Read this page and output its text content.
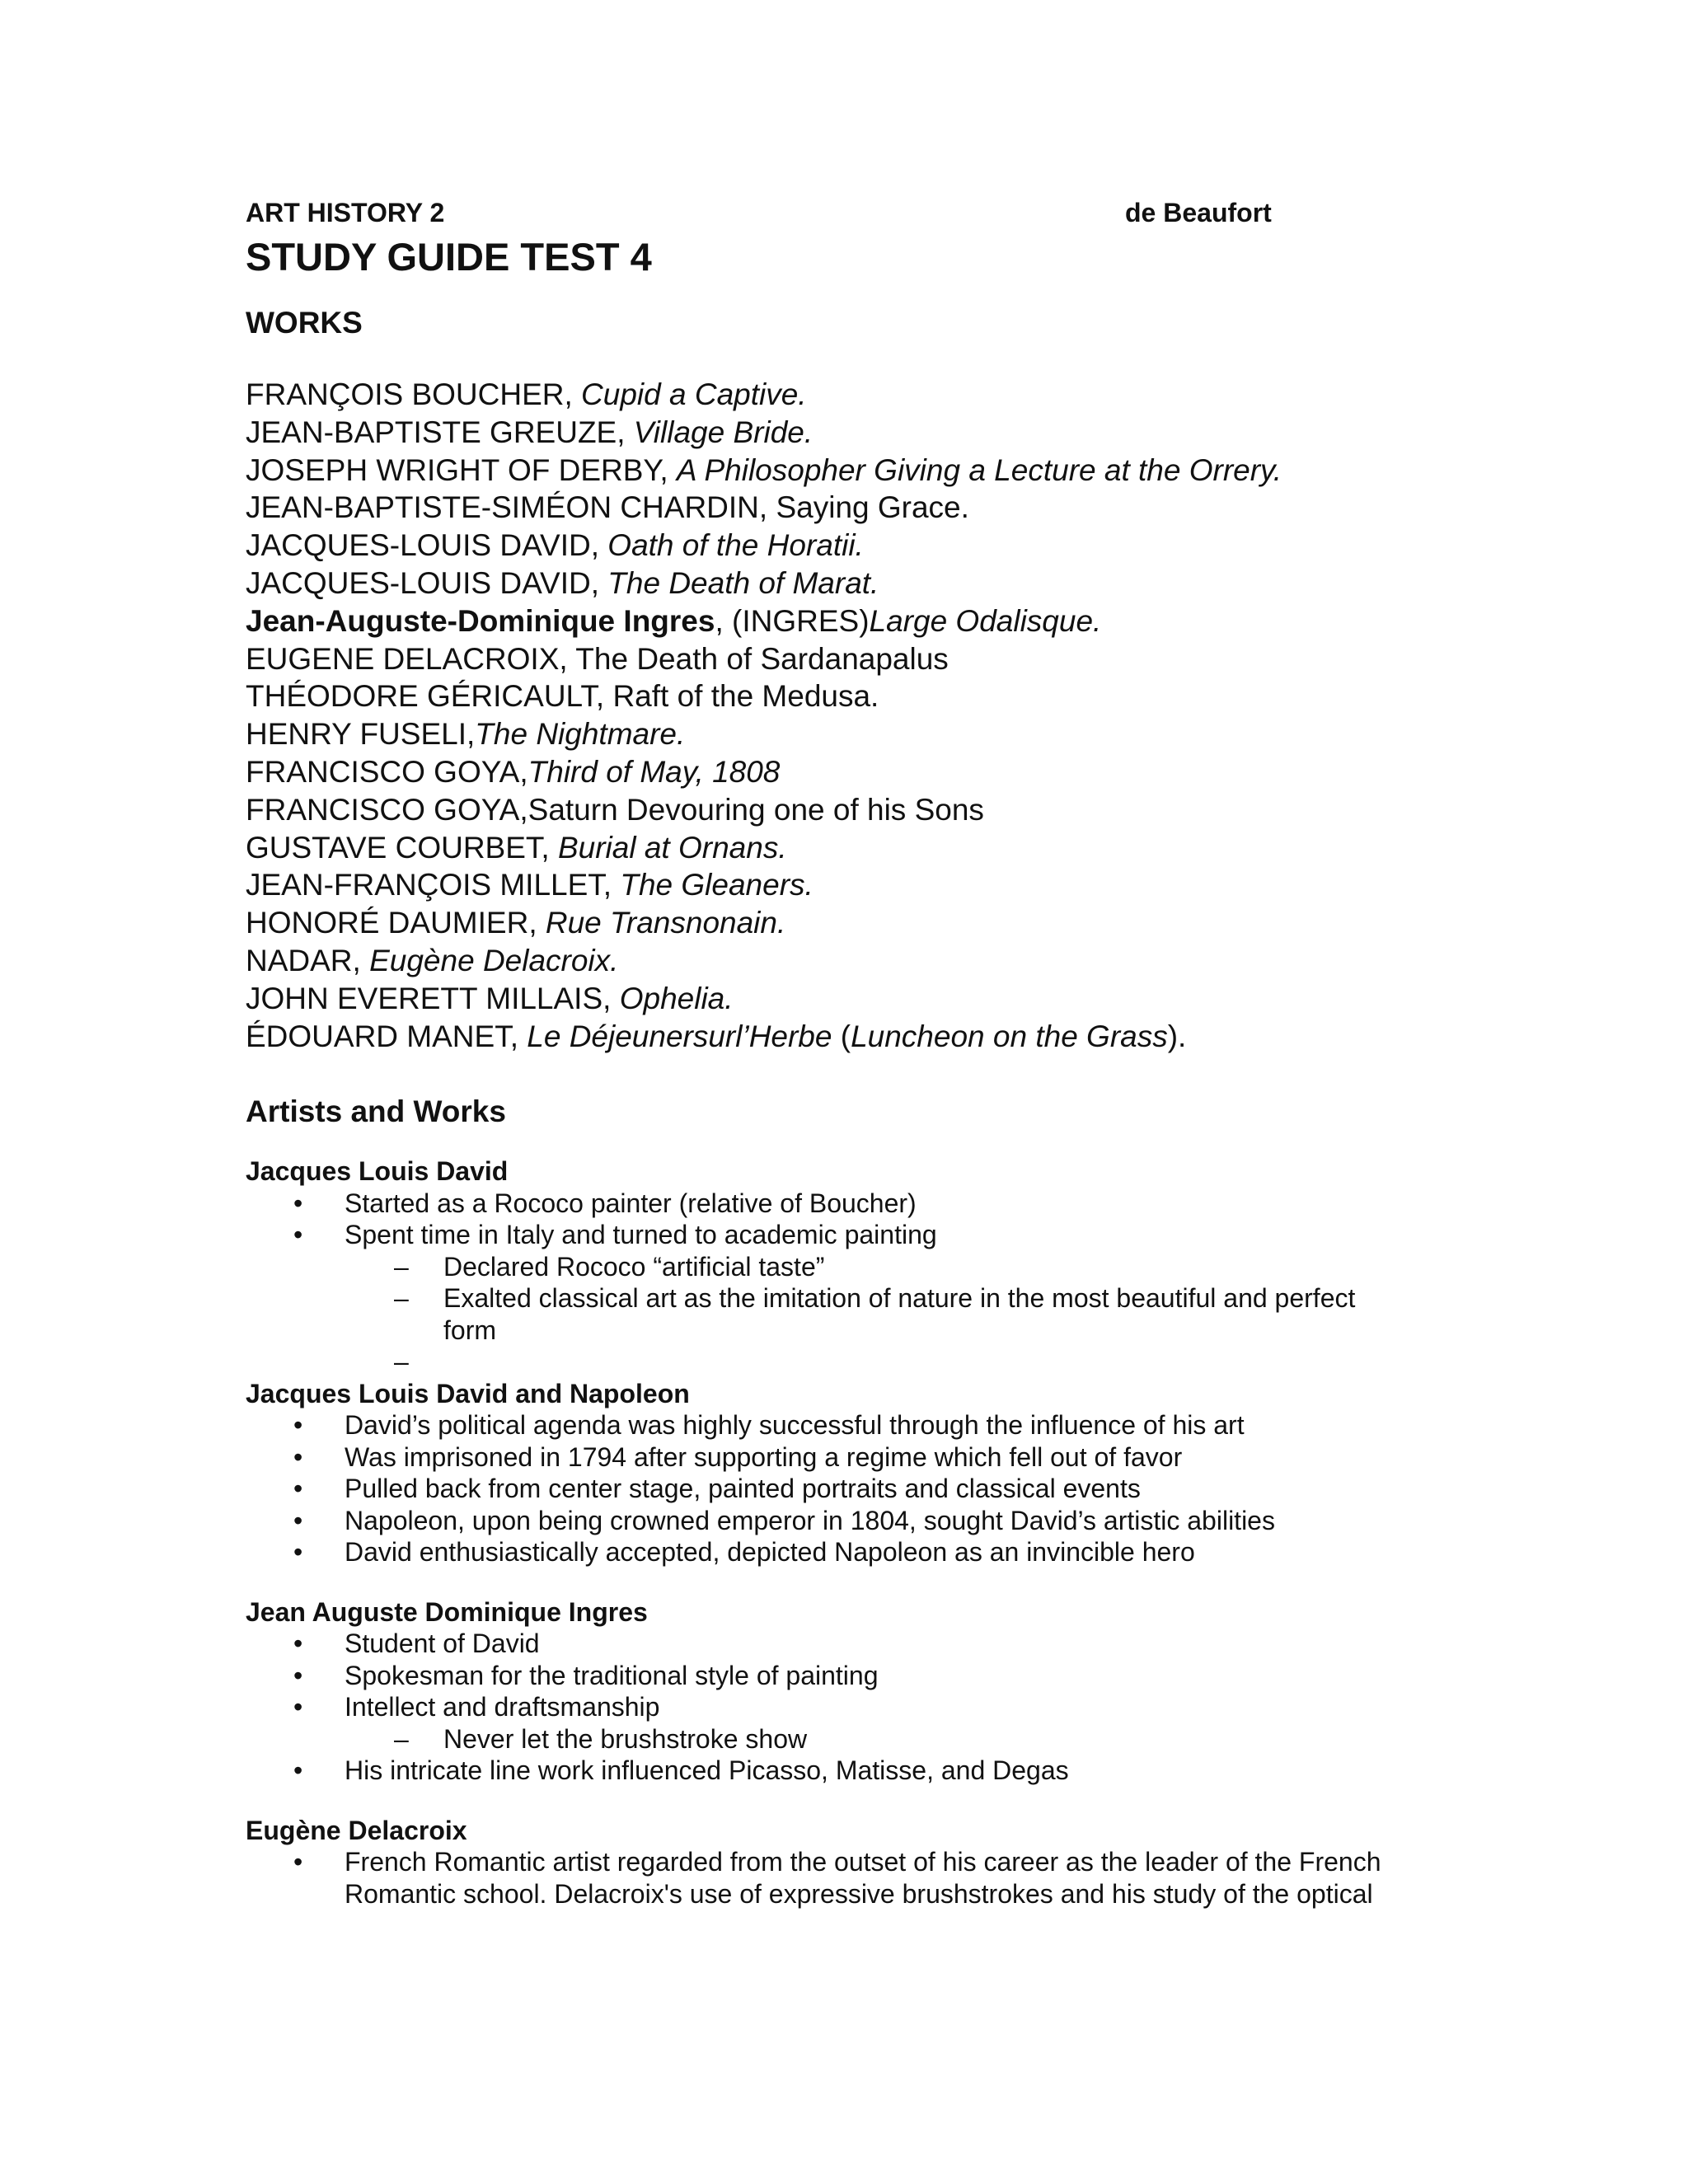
ART HISTORY 2	de Beaufort
STUDY GUIDE TEST 4
WORKS
FRANÇOIS BOUCHER, Cupid a Captive.
JEAN-BAPTISTE GREUZE, Village Bride.
JOSEPH WRIGHT OF DERBY, A Philosopher Giving a Lecture at the Orrery.
JEAN-BAPTISTE-SIMÉON CHARDIN, Saying Grace.
JACQUES-LOUIS DAVID, Oath of the Horatii.
JACQUES-LOUIS DAVID, The Death of Marat.
Jean-Auguste-Dominique Ingres, (INGRES)Large Odalisque.
EUGENE DELACROIX, The Death of Sardanapalus
THÉODORE GÉRICAULT, Raft of the Medusa.
HENRY FUSELI,The Nightmare.
FRANCISCO GOYA,Third of May, 1808
FRANCISCO GOYA,Saturn Devouring one of his Sons
GUSTAVE COURBET, Burial at Ornans.
JEAN-FRANÇOIS MILLET, The Gleaners.
HONORÉ DAUMIER, Rue Transnonain.
NADAR, Eugène Delacroix.
JOHN EVERETT MILLAIS, Ophelia.
ÉDOUARD MANET, Le Déjeunersurl’Herbe (Luncheon on the Grass).
Artists and Works
Jacques Louis David
• Started as a Rococo painter (relative of Boucher)
• Spent time in Italy and turned to academic painting
– Declared Rococo “artificial taste”
– Exalted classical art as the imitation of nature in the most beautiful and perfect form
–

Jacques Louis David and Napoleon
• David’s political agenda was highly successful through the influence of his art
• Was imprisoned in 1794 after supporting a regime which fell out of favor
• Pulled back from center stage, painted portraits and classical events
• Napoleon, upon being crowned emperor in 1804, sought David’s artistic abilities
• David enthusiastically accepted, depicted Napoleon as an invincible hero
Jean Auguste Dominique Ingres
• Student of David
• Spokesman for the traditional style of painting
• Intellect and draftsmanship
– Never let the brushstroke show
• His intricate line work influenced Picasso, Matisse, and Degas
Eugène Delacroix
• French Romantic artist regarded from the outset of his career as the leader of the French Romantic school. Delacroix's use of expressive brushstrokes and his study of the optical
